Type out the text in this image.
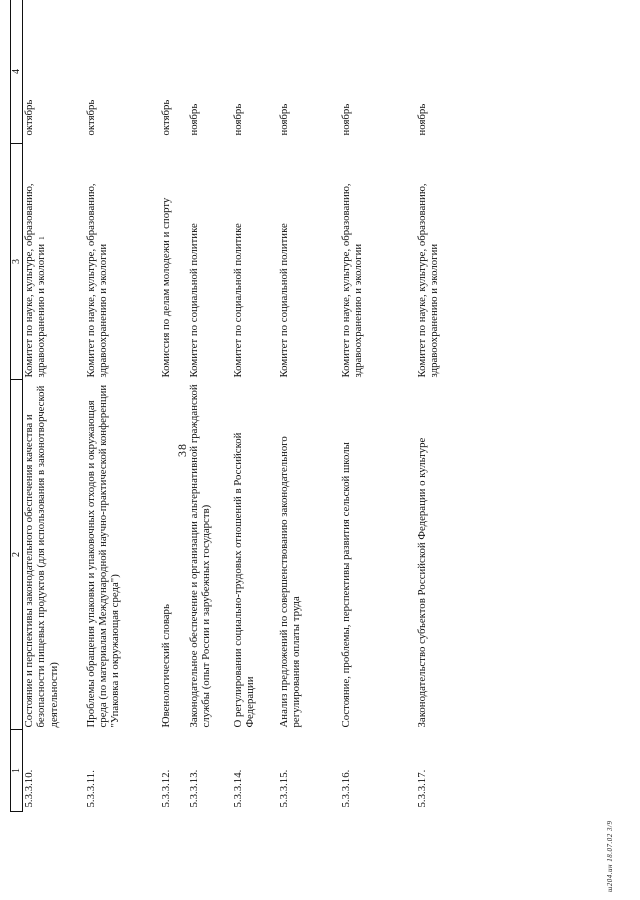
38
1	2	3	4
5.3.3.10.	Состояние и перспективы законодательного обеспечения качества и безопасности пищевых продуктов (для использования в законотворческой деятельности)	Комитет по науке, культуре, образованию, здравоохранению и экологии1	октябрь
5.3.3.11.	Проблемы обращения упаковки и упаковочных отходов и окружающая среда (по материалам Международной научно-практической конференции "Упаковка и окружающая среда")	Комитет по науке, культуре, образованию, здравоохранению и экологии	октябрь
5.3.3.12.	Ювенологический словарь	Комиссия по делам молодежи и спорту	октябрь
5.3.3.13.	Законодательное обеспечение и организации альтернативной гражданской службы (опыт России и зарубежных государств)	Комитет по социальной политике	ноябрь
5.3.3.14.	О регулировании социально-трудовых отношений в Российской Федерации	Комитет по социальной политике	ноябрь
5.3.3.15.	Анализ предложений по совершенствованию законодательного регулирования оплаты труда	Комитет по социальной политике	ноябрь
5.3.3.16.	Состояние, проблемы, перспективы развития сельской школы	Комитет по науке, культуре, образованию, здравоохранению и экологии	ноябрь
5.3.3.17.	Законодательство субъектов Российской Федерации о культуре	Комитет по науке, культуре, образованию, здравоохранению и экологии	ноябрь
ш204.ин 18.07.02 3/9
